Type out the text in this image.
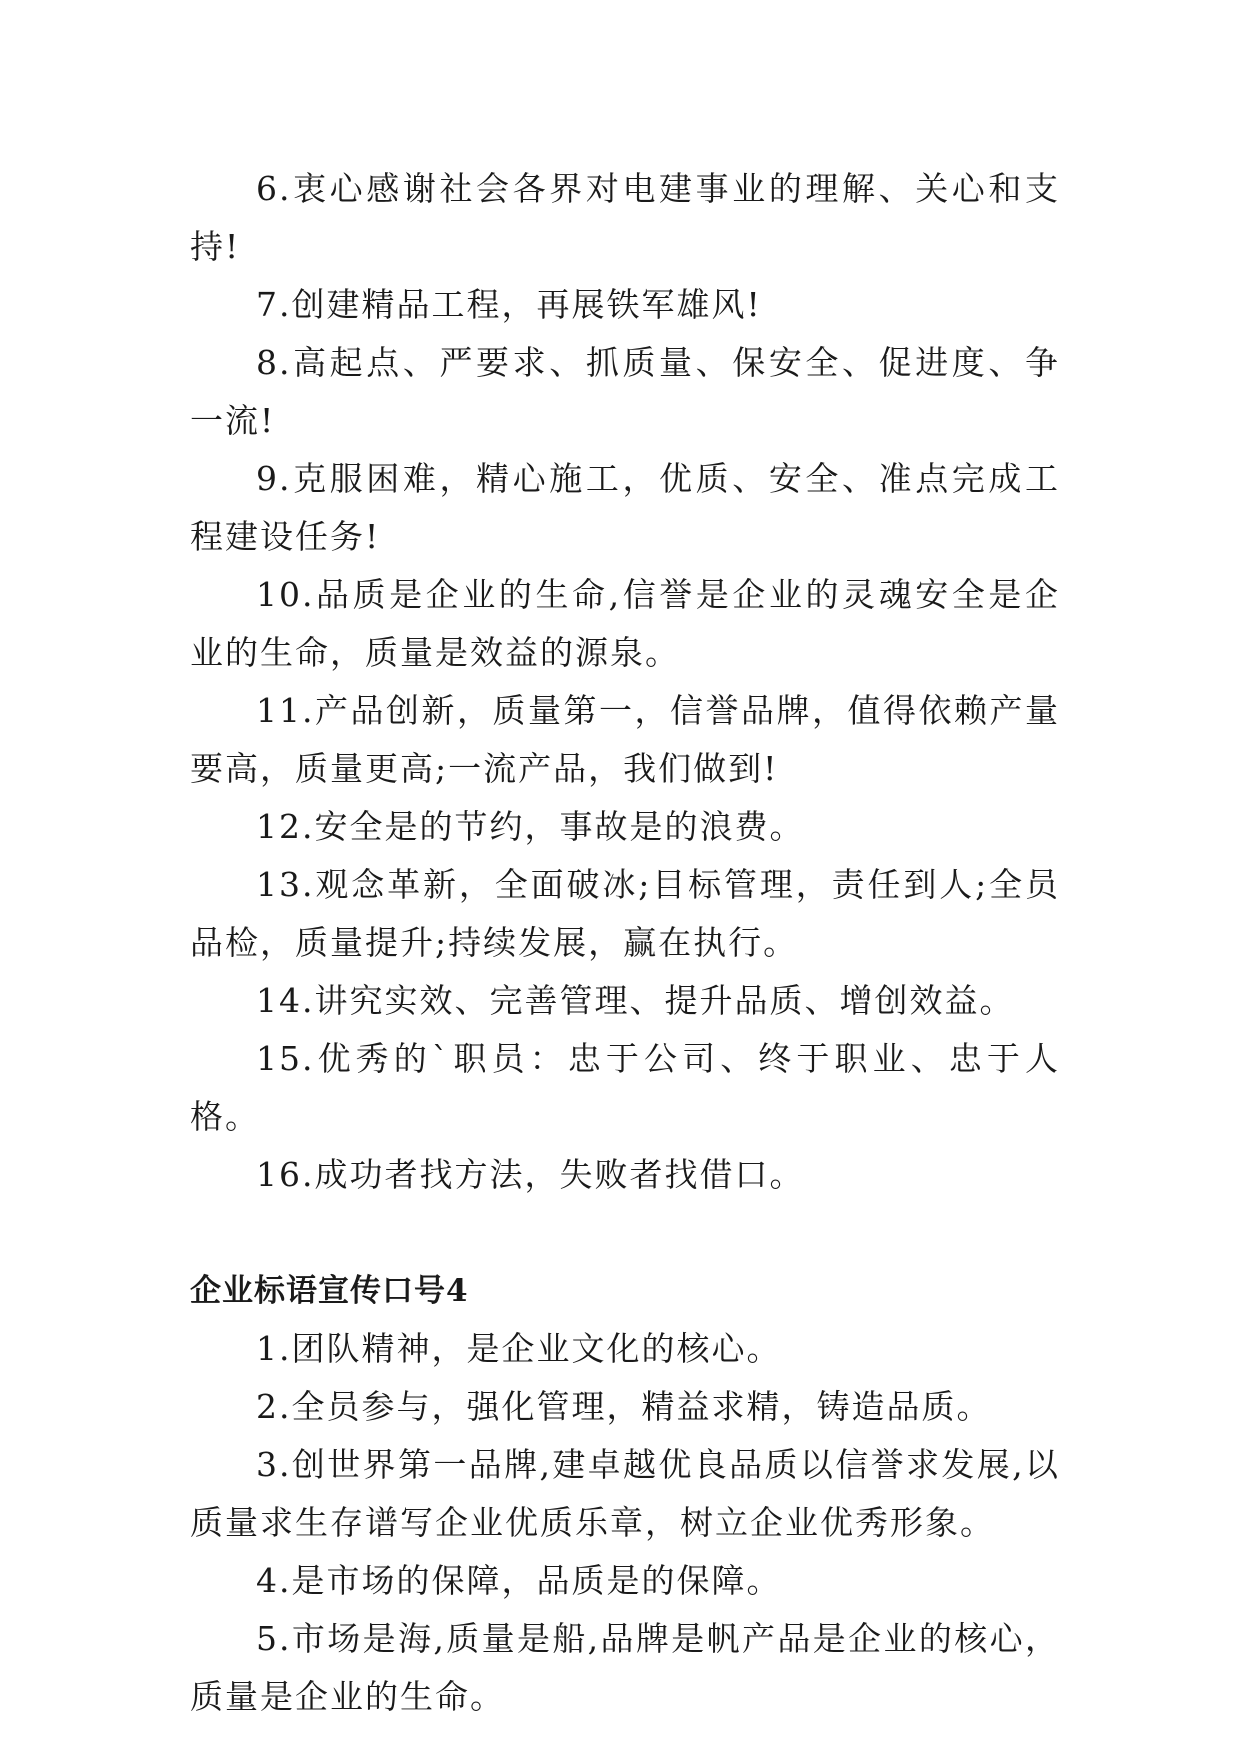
6.衷心感谢社会各界对电建事业的理解、关心和支持!

7.创建精品工程，再展铁军雄风!

8.高起点、严要求、抓质量、保安全、促进度、争一流!

9.克服困难，精心施工，优质、安全、准点完成工程建设任务!

10.品质是企业的生命,信誉是企业的灵魂安全是企业的生命，质量是效益的源泉。

11.产品创新，质量第一，信誉品牌，值得依赖产量要高，质量更高;一流产品，我们做到!

12.安全是的节约，事故是的浪费。

13.观念革新，全面破冰;目标管理，责任到人;全员品检，质量提升;持续发展，赢在执行。

14.讲究实效、完善管理、提升品质、增创效益。

15.优秀的`职员：忠于公司、终于职业、忠于人格。

16.成功者找方法，失败者找借口。

企业标语宣传口号4

1.团队精神，是企业文化的核心。

2.全员参与，强化管理，精益求精，铸造品质。

3.创世界第一品牌,建卓越优良品质以信誉求发展,以质量求生存谱写企业优质乐章，树立企业优秀形象。

4.是市场的保障，品质是的保障。

5.市场是海,质量是船,品牌是帆产品是企业的核心，质量是企业的生命。
